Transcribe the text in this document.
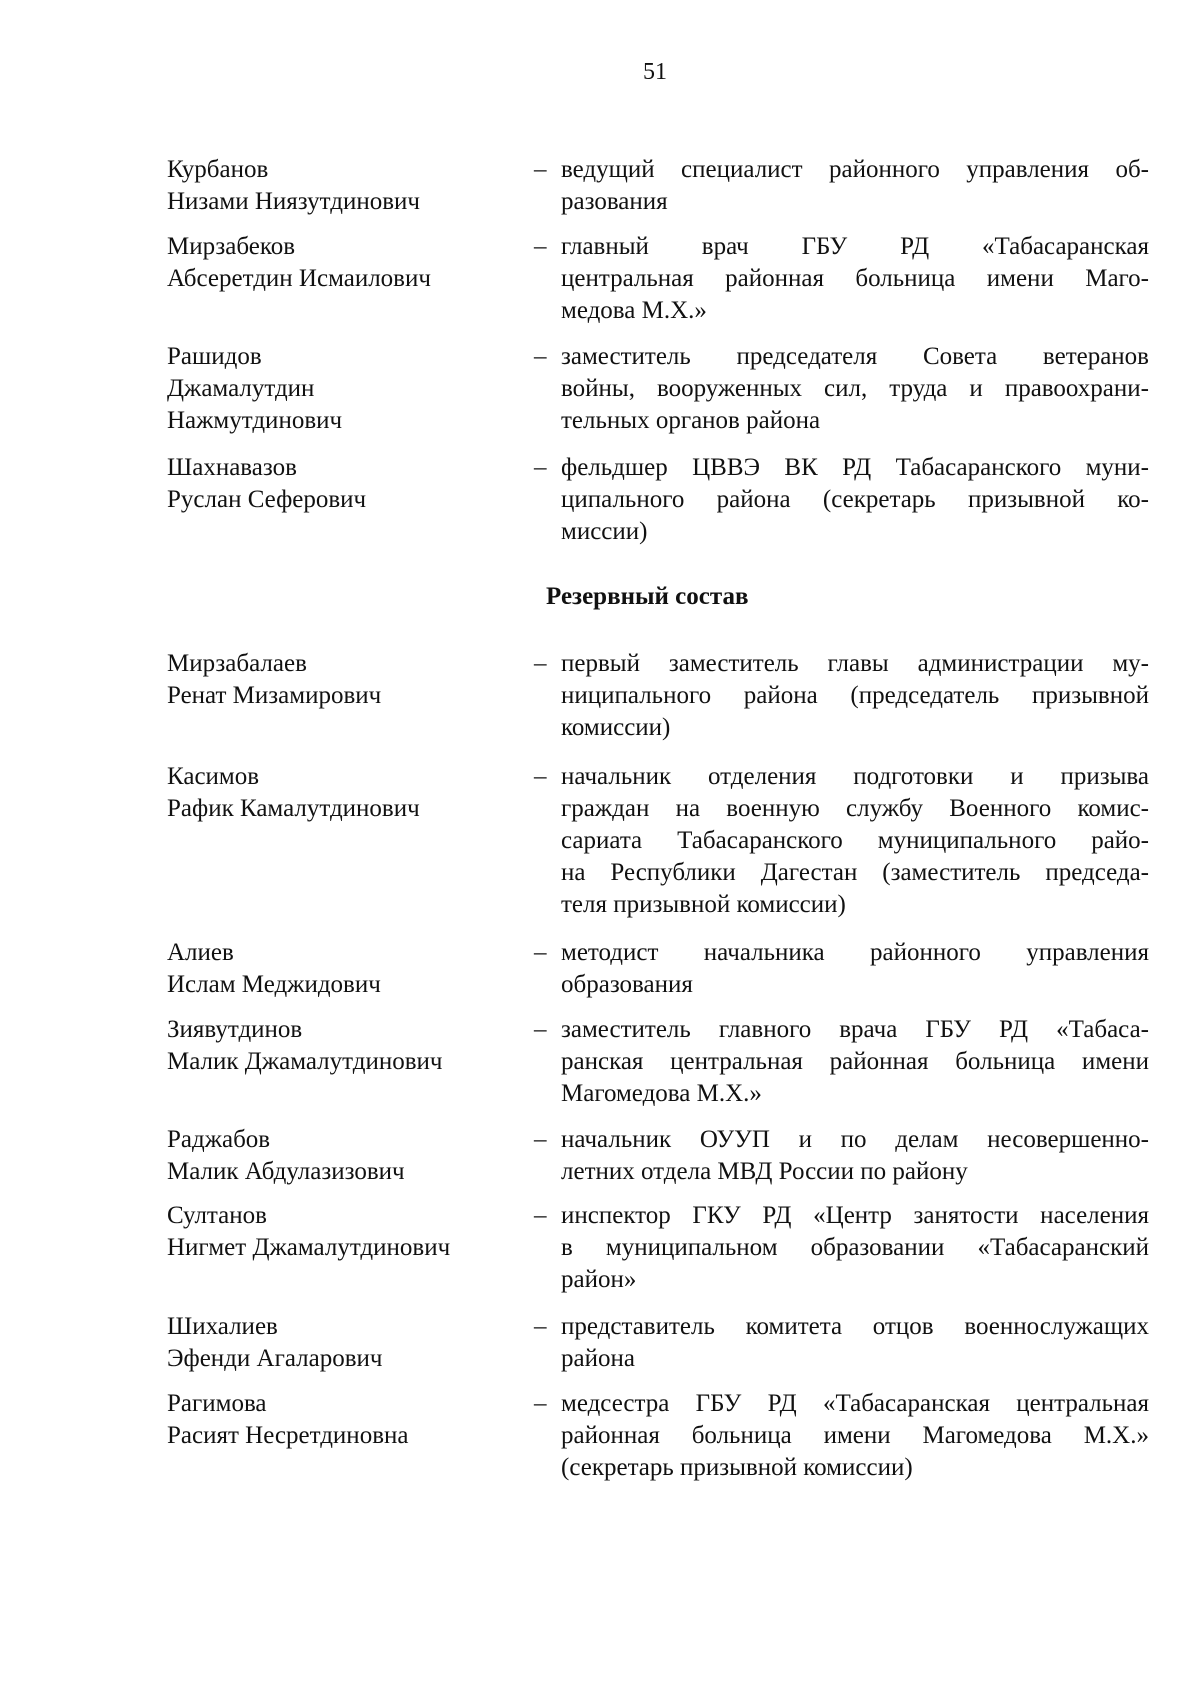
51
Резервный состав
Курбанов
Низами Ниязутдинович
– ведущий специалист районного управления об-
разования
Мирзабеков
Абсеретдин Исмаилович
– главный врач ГБУ РД «Табасаранская
центральная районная больница имени Маго-
медова М.Х.»
Рашидов
Джамалутдин
Нажмутдинович
– заместитель председателя Совета ветеранов
войны, вооруженных сил, труда и правоохрани-
тельных органов района
Шахнавазов
Руслан Сеферович
– фельдшер ЦВВЭ ВК РД Табасаранского муни-
ципального района (секретарь призывной ко-
миссии)
Мирзабалаев
Ренат Мизамирович
– первый заместитель главы администрации му-
ниципального района (председатель призывной
комиссии)
Касимов
Рафик Камалутдинович
– начальник отделения подготовки и призыва
граждан на военную службу Военного комис-
сариата Табасаранского муниципального райо-
на Республики Дагестан (заместитель председа-
теля призывной комиссии)
Алиев
Ислам Меджидович
– методист начальника районного управления
образования
Зиявутдинов
Малик Джамалутдинович
– заместитель главного врача ГБУ РД «Табаса-
ранская центральная районная больница имени
Магомедова М.Х.»
Раджабов
Малик Абдулазизович
– начальник ОУУП и по делам несовершенно-
летних отдела МВД России по району
Султанов
Нигмет Джамалутдинович
– инспектор ГКУ РД «Центр занятости населения
в муниципальном образовании «Табасаранский
район»
Шихалиев
Эфенди Агаларович
– представитель комитета отцов военнослужащих
района
Рагимова
Расият Несретдиновна
– медсестра ГБУ РД «Табасаранская центральная
районная больница имени Магомедова М.Х.»
(секретарь призывной комиссии)
